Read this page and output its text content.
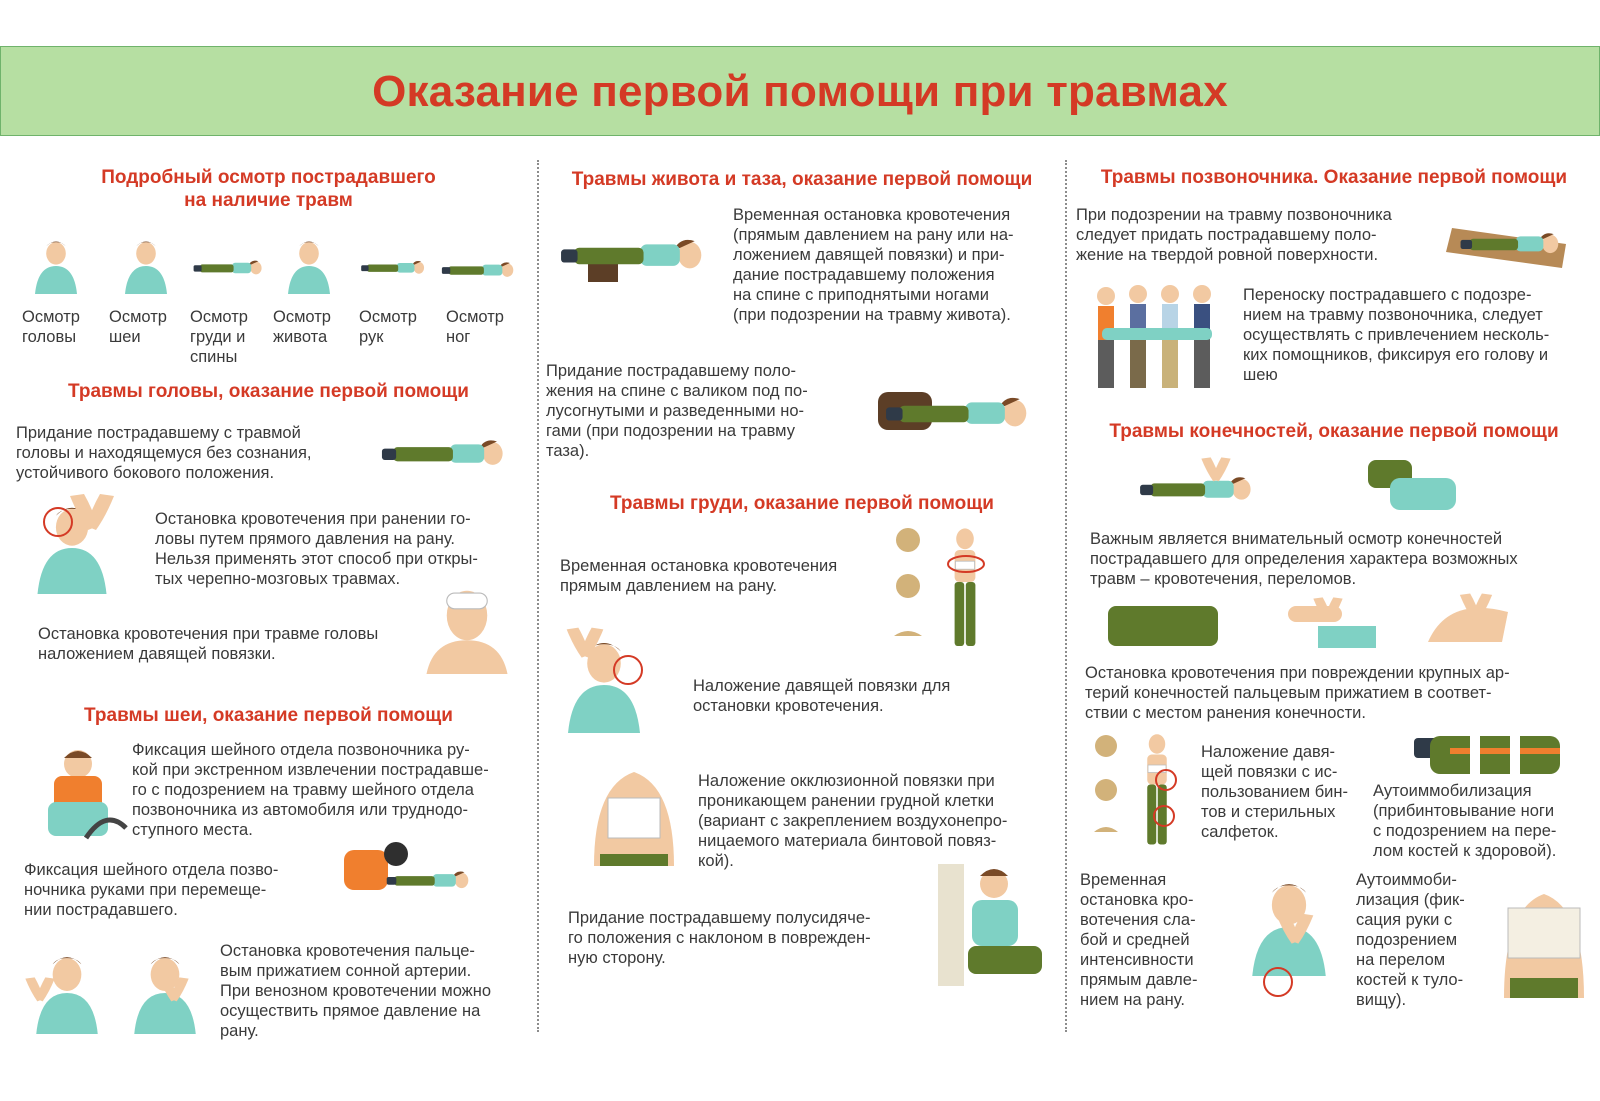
Оказание первой помощи при травмах
Подробный осмотр пострадавшего
на наличие травм
Осмотр
головы
Осмотр
шеи
Осмотр
груди и
спины
Осмотр
живота
Осмотр
рук
Осмотр
ног
Травмы головы, оказание первой помощи
Придание пострадавшему с травмой
головы и находящемуся без сознания,
устойчивого бокового положения.
Остановка кровотечения при ранении го-
ловы путем прямого давления на рану.
Нельзя применять этот способ при откры-
тых черепно-мозговых травмах.
Остановка кровотечения при травме головы
наложением давящей повязки.
Травмы шеи, оказание первой помощи
Фиксация шейного отдела позвоночника ру-
кой при экстренном извлечении пострадавше-
го с подозрением на травму шейного отдела
позвоночника из автомобиля или труднодо-
ступного места.
Фиксация шейного отдела позво-
ночника руками при перемеще-
нии пострадавшего.
Остановка кровотечения пальце-
вым прижатием сонной артерии.
При венозном кровотечении можно
осуществить прямое давление на
рану.
Травмы живота и таза, оказание первой помощи
Временная остановка кровотечения
(прямым давлением на рану или на-
ложением давящей повязки) и при-
дание пострадавшему положения
на спине с приподнятыми ногами
(при подозрении на травму живота).
Придание пострадавшему поло-
жения на спине с валиком под по-
лусогнутыми и разведенными но-
гами (при подозрении на травму
таза).
Травмы груди, оказание первой помощи
Временная остановка кровотечения
прямым давлением на рану.
Наложение давящей повязки для
остановки кровотечения.
Наложение окклюзионной повязки при
проникающем ранении грудной клетки
(вариант с закреплением воздухонепро-
ницаемого материала бинтовой повяз-
кой).
Придание пострадавшему полусидяче-
го положения с наклоном в поврежден-
ную сторону.
Травмы позвоночника. Оказание первой помощи
При подозрении на травму позвоночника
следует придать пострадавшему поло-
жение на твердой ровной поверхности.
Переноску пострадавшего с подозре-
нием на травму позвоночника, следует
осуществлять с привлечением несколь-
ких помощников, фиксируя его голову и
шею
Травмы конечностей, оказание первой помощи
Важным является внимательный осмотр конечностей
пострадавшего для определения характера возможных
травм – кровотечения, переломов.
Остановка кровотечения при повреждении крупных ар-
терий конечностей пальцевым прижатием в соответ-
ствии с местом ранения конечности.
Наложение давя-
щей повязки с ис-
пользованием бин-
тов и стерильных
салфеток.
Аутоиммобилизация
(прибинтовывание ноги
с подозрением на пере-
лом костей к здоровой).
Временная
остановка кро-
вотечения сла-
бой и средней
интенсивности
прямым давле-
нием на рану.
Аутоиммоби-
лизация (фик-
сация руки с
подозрением
на перелом
костей к туло-
вищу).
